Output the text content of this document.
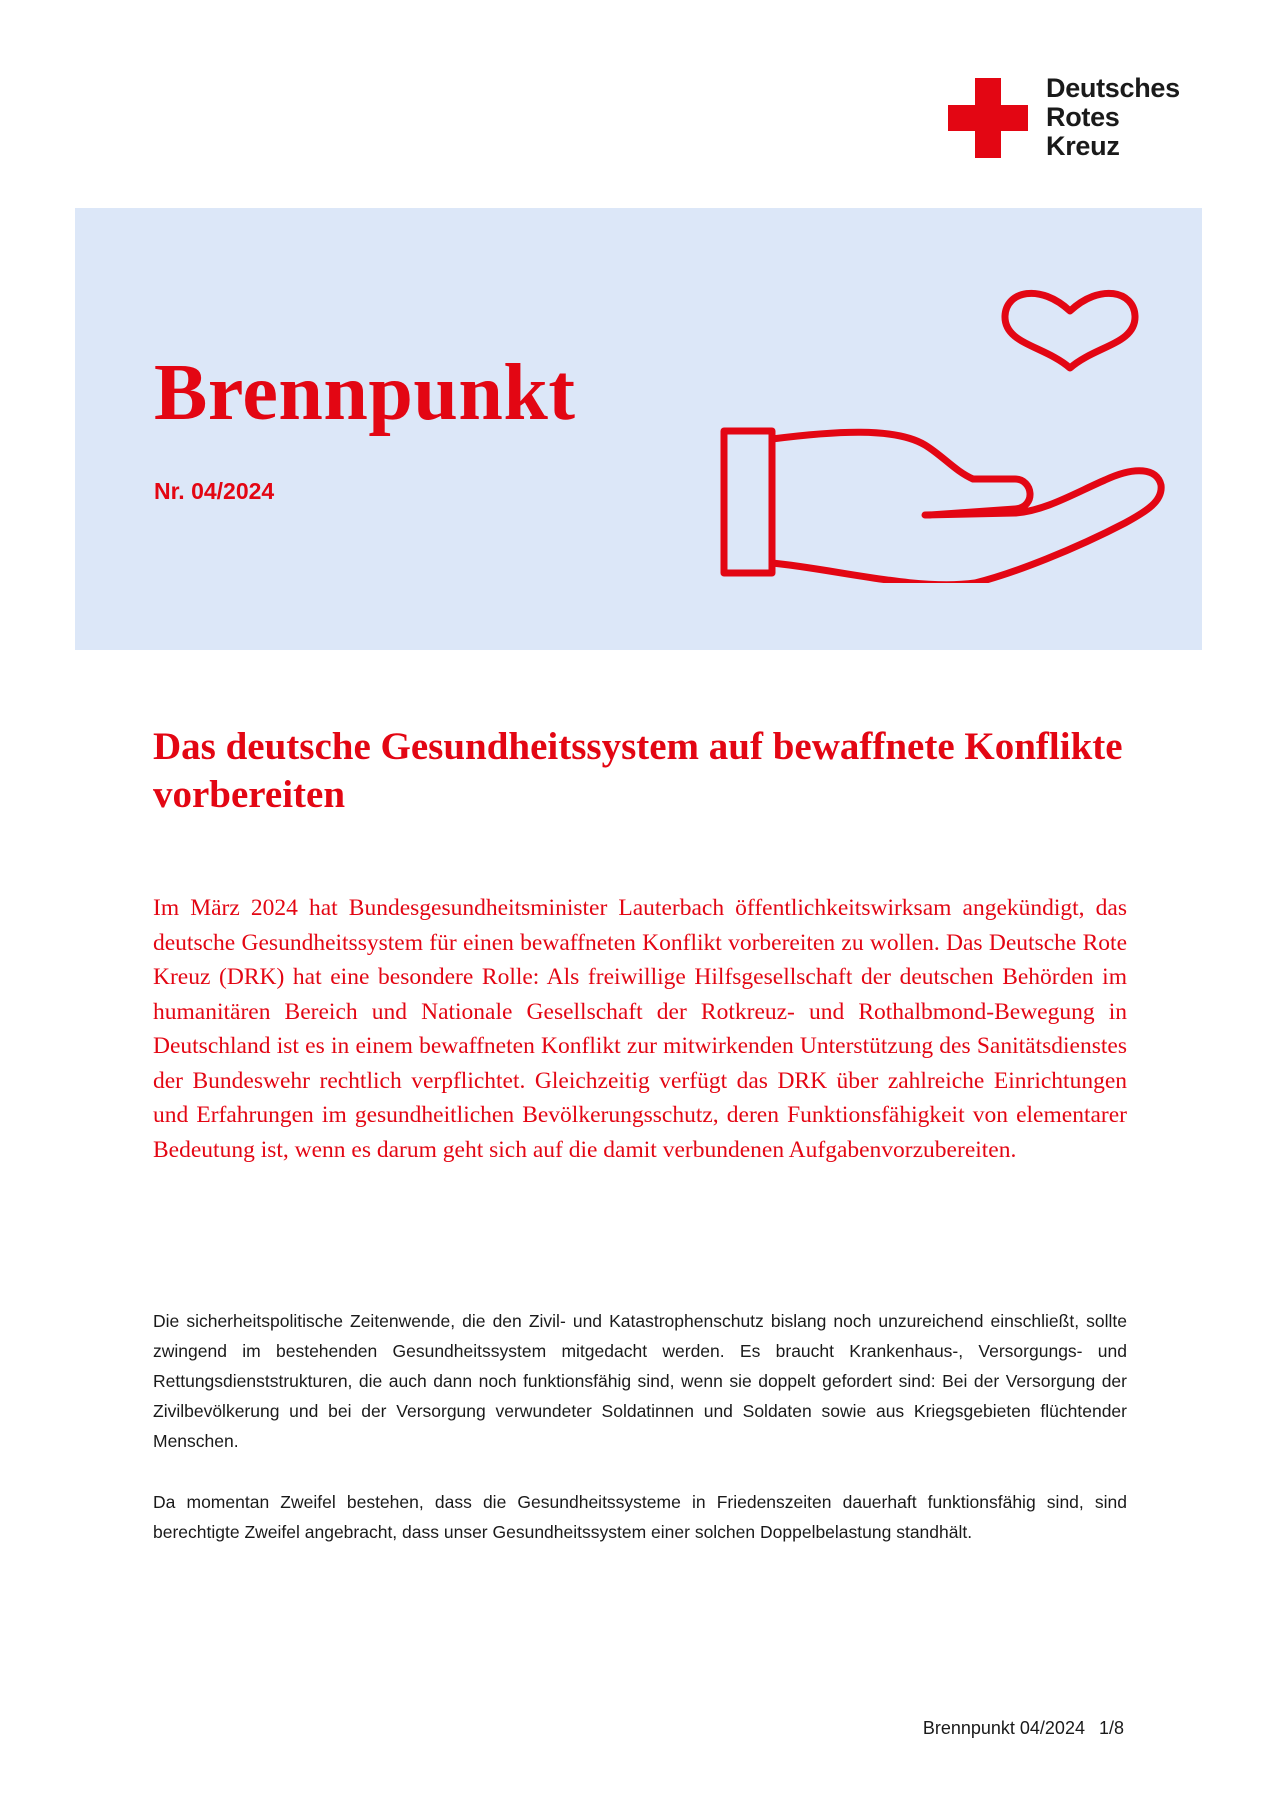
Deutsches
Rotes
Kreuz
Brennpunkt
Nr. 04/2024
Das deutsche Gesundheitssystem auf bewaffnete Konflikte vorbereiten

Im März 2024 hat Bundesgesundheitsminister Lauterbach öffentlichkeitswirksam angekündigt, das deutsche Gesundheitssystem für einen bewaffneten Konflikt vorbereiten zu wollen. Das Deutsche Rote Kreuz (DRK) hat eine besondere Rolle: Als freiwillige Hilfsgesellschaft der deutschen Behörden im humanitären Bereich und Nationale Gesellschaft der Rotkreuz- und Rothalbmond-Bewegung in Deutschland ist es in einem bewaffneten Konflikt zur mitwirkenden Unterstützung des Sanitätsdienstes der Bundeswehr rechtlich verpflichtet. Gleichzeitig verfügt das DRK über zahlreiche Einrichtungen und Erfahrungen im gesundheitlichen Bevölkerungsschutz, deren Funktionsfähigkeit von elementarer Bedeutung ist, wenn es darum geht sich auf die damit verbundenen Aufgabenvorzubereiten.

Die sicherheitspolitische Zeitenwende, die den Zivil- und Katastrophenschutz bislang noch unzureichend einschließt, sollte zwingend im bestehenden Gesundheitssystem mitgedacht werden. Es braucht Krankenhaus-, Versorgungs- und Rettungsdienststrukturen, die auch dann noch funktionsfähig sind, wenn sie doppelt gefordert sind: Bei der Versorgung der Zivilbevölkerung und bei der Versorgung verwundeter Soldatinnen und Soldaten sowie aus Kriegsgebieten flüchtender Menschen.

Da momentan Zweifel bestehen, dass die Gesundheitssysteme in Friedenszeiten dauerhaft funktionsfähig sind, sind berechtigte Zweifel angebracht, dass unser Gesundheitssystem einer solchen Doppelbelastung standhält.

Brennpunkt 04/2024 1/8
